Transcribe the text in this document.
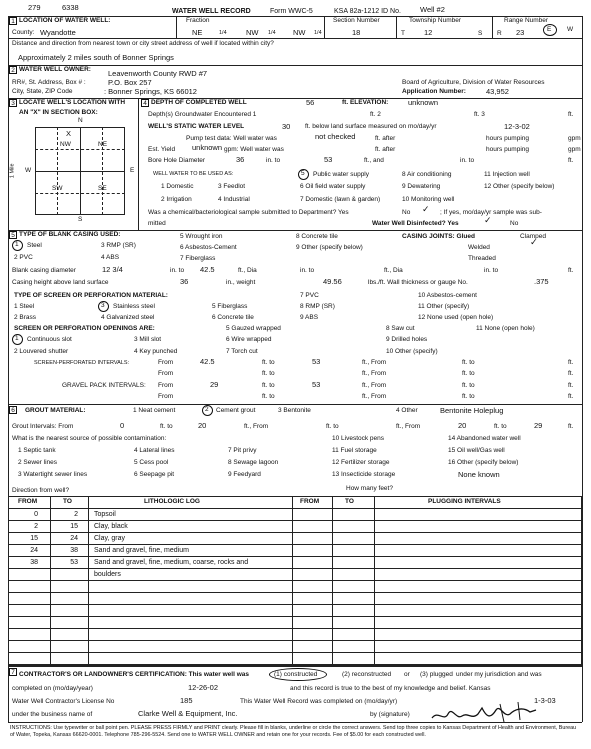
279	6338	WATER WELL RECORD	Form WWC-5	KSA 82a-1212 ID No.	Well #2
1 LOCATION OF WATER WELL:	Fraction
County: Wyandotte	NE	1/4	NW 1/4 NW 1/4
Section Number
18
Township Number
T	12	S
Range Number
R 23	E W
Distance and direction from nearest town or city street address of well if located within city?
Approximately 2 miles south of Bonner Springs
2 WATER WELL OWNER: Leavenworth County RWD #7
RR#, St. Address, Box # :	P.O. Box 257
City, State, ZIP Code	: Bonner Springs, KS 66012
Board of Agriculture, Division of Water Resources
Application Number:	43,952
3 LOCATE WELL'S LOCATION WITH
AN "X" IN SECTION BOX:
N
X
NW	NE
SW	SE
W	E
S
1 Mile
4 DEPTH OF COMPLETED WELL	56	ft. ELEVATION:	unknown
Depth(s) Groundwater Encountered 1	ft. 2	ft. 3	ft.
WELL'S STATIC WATER LEVEL	30 ft. below land surface measured on mo/day/yr	12-3-02
Pump test data: Well water was	not checked	ft. after	hours pumping	gpm
Est. Yield unknown gpm: Well water was	ft. after	hours pumping	gpm
Bore Hole Diameter	36	in. to	53	ft., and	in. to	ft.
WELL WATER TO BE USED AS:	5 Public water supply	8 Air conditioning	11 Injection well
1 Domestic	3 Feedlot	6 Oil field water supply	9 Dewatering	12 Other (specify below)
2 Irrigation	4 Industrial	7 Domestic (lawn & garden)	10 Monitoring well
Was a chemical/bacteriological sample submitted to Department? Yes	No ✓ ; If yes, mo/day/yr sample was sub-
mitted	Water Well Disinfected? Yes	✓	No
5 TYPE OF BLANK CASING USED:
1 Steel
2 PVC
3 RMP (SR)
4 ABS
5 Wrought iron
6 Asbestos-Cement
7 Fiberglass
8 Concrete tile
9 Other (specify below)
CASING JOINTS: Glued	Clamped
Welded	✓
Threaded
Blank casing diameter	12 3/4	in. to 42.5	ft., Dia	in. to	ft., Dia	in. to	ft.
Casing height above land surface	36	in., weight	49.56	lbs./ft. Wall thickness or gauge No.	.375
TYPE OF SCREEN OR PERFORATION MATERIAL:
1 Steel
2 Brass
3 Stainless steel
4 Galvanized steel
5 Fiberglass
6 Concrete tile
7 PVC
8 RMP (SR)
9 ABS
10 Asbestos-cement
11 Other (specify)
12 None used (open hole)
SCREEN OR PERFORATION OPENINGS ARE:
1 Continuous slot
2 Louvered shutter
3 Mill slot
4 Key punched
5 Gauzed wrapped
6 Wire wrapped
7 Torch cut
8 Saw cut
9 Drilled holes
10 Other (specify)
11 None (open hole)
SCREEN-PERFORATED INTERVALS:	From	42.5	ft. to	53	ft., From	ft. to	ft.
From	ft. to	ft., From	ft. to	ft.
GRAVEL PACK INTERVALS: From	29	ft. to	53	ft., From	ft. to	ft.
From	ft. to	ft., From	ft. to	ft.
6	GROUT MATERIAL:	1 Neat cement	2 Cement grout	3 Bentonite	4 Other	Bentonite Holeplug
Grout Intervals: From	0	ft. to	20	ft., From	ft. to	ft., From	20	ft. to	29	ft.
What is the nearest source of possible contamination:
1 Septic tank	4 Lateral lines	7 Pit privy
10 Livestock pens	14 Abandoned water well
2 Sewer lines	5 Cess pool	8 Sewage lagoon
11 Fuel storage	15 Oil well/Gas well
3 Watertight sewer lines	6 Seepage pit	9 Feedyard
12 Fertilizer storage	16 Other (specify below)
13 Insecticide storage	None known
Direction from well?	How many feet?
FROM	TO	LITHOLOGIC LOG	FROM	TO	PLUGGING INTERVALS
0	2 Topsoil
2	15 Clay, black
15	24 Clay, gray
24	38 Sand and gravel, fine, medium
38	53 Sand and gravel, fine, medium, coarse, rocks and
boulders
7 CONTRACTOR'S OR LANDOWNER'S CERTIFICATION: This water well was	(1) constructed	(2) reconstructed or (3) plugged under my jurisdiction and was
completed on (mo/day/year)	12-26-02	and this record is true to the best of my knowledge and belief. Kansas
Water Well Contractor's License No	185	This Water Well Record was completed on (mo/day/yr)	1-3-03
under the business name of	Clarke Well & Equipment, Inc.	by (signature)
INSTRUCTIONS: Use typewriter or ball point pen. PLEASE PRESS FIRMLY and PRINT clearly. Please fill in blanks, underline or circle the correct answers. Send top three copies to Kansas Department of Health and Environment, Bureau of Water, Topeka, Kansas 66620-0001. Telephone 785-296-5524. Send one to WATER WELL OWNER and retain one for your records. Fee of $5.00 for each constructed well.
